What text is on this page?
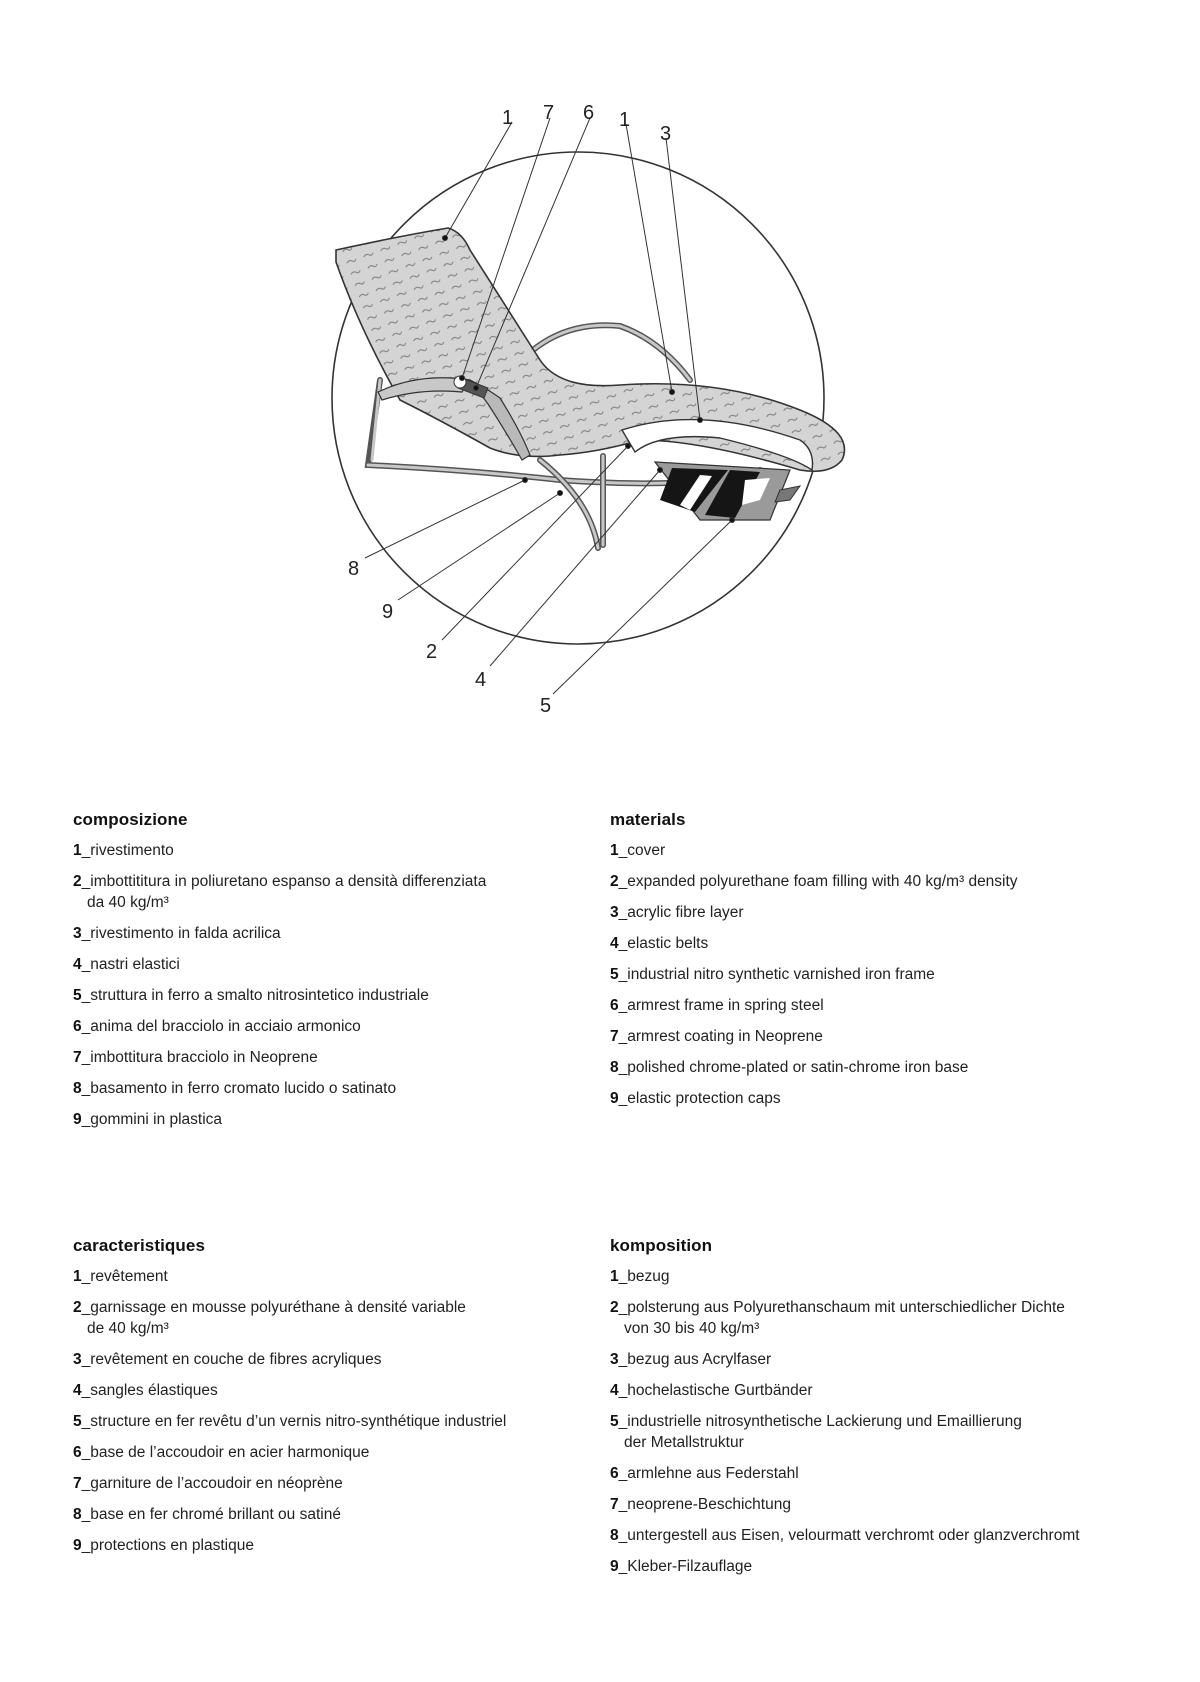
1 7 6 1
3
8
9
2
4
5
composizione
1_rivestimento
2_imbottititura in poliuretano espanso a densità differenziata
da 40 kg/m³
3_rivestimento in falda acrilica
4_nastri elastici
5_struttura in ferro a smalto nitrosintetico industriale
6_anima del bracciolo in acciaio armonico
7_imbottitura bracciolo in Neoprene
8_basamento in ferro cromato lucido o satinato
9_gommini in plastica
materials
1_cover
2_expanded polyurethane foam filling with 40 kg/m³ density
3_acrylic fibre layer
4_elastic belts
5_industrial nitro synthetic varnished iron frame
6_armrest frame in spring steel
7_armrest coating in Neoprene
8_polished chrome-plated or satin-chrome iron base
9_elastic protection caps
caracteristiques
1_revêtement
2_garnissage en mousse polyuréthane à densité variable
de 40 kg/m³
3_revêtement en couche de fibres acryliques
4_sangles élastiques
5_structure en fer revêtu d’un vernis nitro-synthétique industriel
6_base de l’accoudoir en acier harmonique
7_garniture de l’accoudoir en néoprène
8_base en fer chromé brillant ou satiné
9_protections en plastique
komposition
1_bezug
2_polsterung aus Polyurethanschaum mit unterschiedlicher Dichte
von 30 bis 40 kg/m³
3_bezug aus Acrylfaser
4_hochelastische Gurtbänder
5_industrielle nitrosynthetische Lackierung und Emaillierung
der Metallstruktur
6_armlehne aus Federstahl
7_neoprene-Beschichtung
8_untergestell aus Eisen, velourmatt verchromt oder glanzverchromt
9_Kleber-Filzauflage
